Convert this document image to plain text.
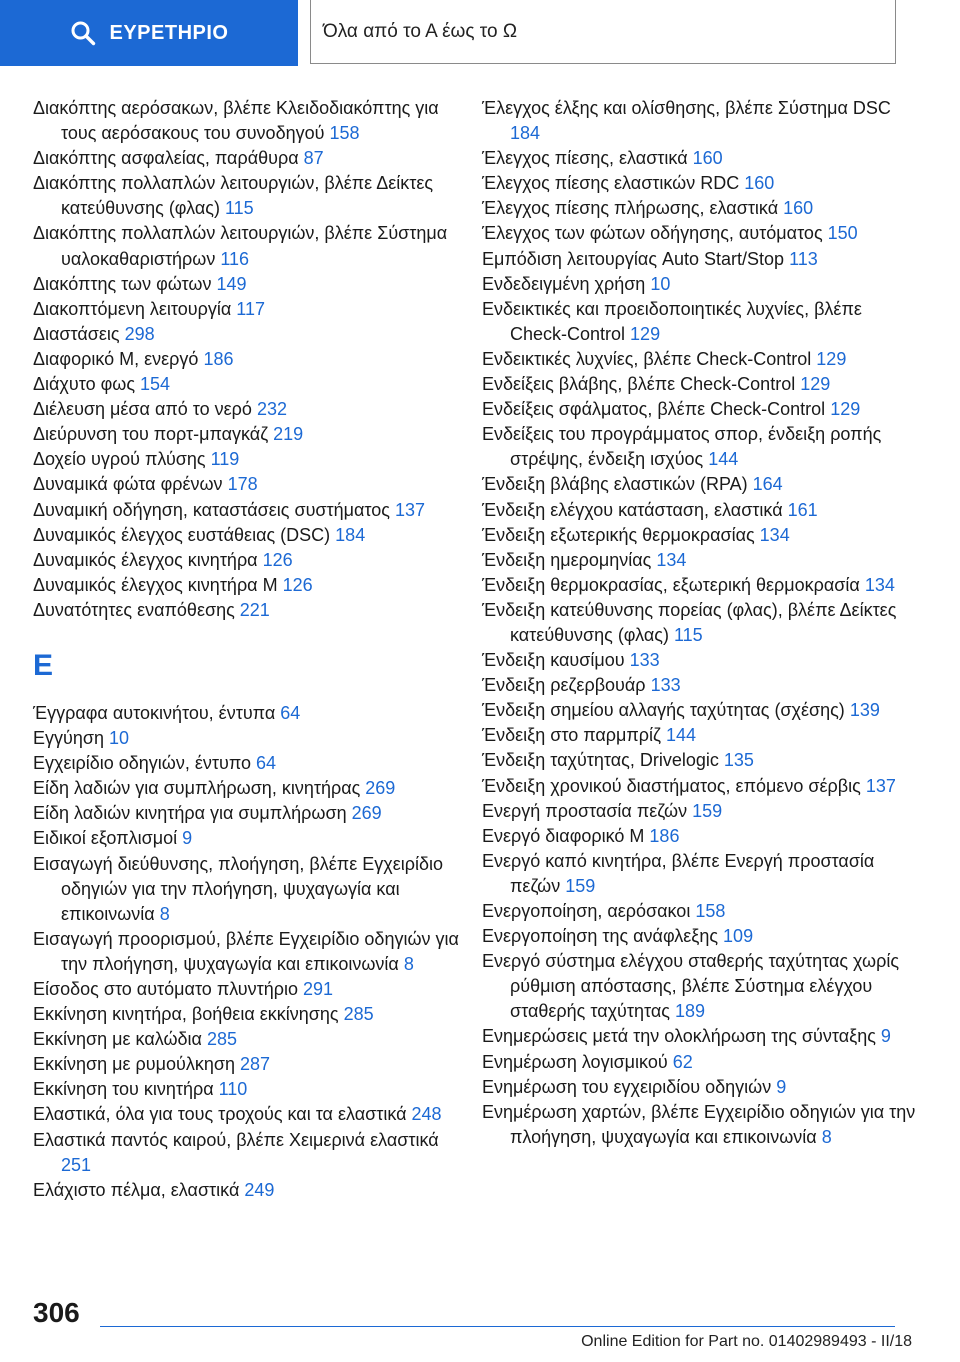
ΕΥΡΕΤΗΡΙΟ	Όλα από το Α έως το Ω

Διακόπτης αερόσακων, βλέπε Κλειδοδιακόπτης για τους αερόσακους του συνοδηγού 158

Διακόπτης ασφαλείας, παράθυρα 87

Διακόπτης πολλαπλών λειτουργιών, βλέπε Δείκτες κατεύθυνσης (φλας) 115

Διακόπτης πολλαπλών λειτουργιών, βλέπε Σύστημα υαλοκαθαριστήρων 116

Διακόπτης των φώτων 149

Διακοπτόμενη λειτουργία 117

Διαστάσεις 298

Διαφορικό M, ενεργό 186

Διάχυτο φως 154

Διέλευση μέσα από το νερό 232

Διεύρυνση του πορτ-μπαγκάζ 219

Δοχείο υγρού πλύσης 119

Δυναμικά φώτα φρένων 178

Δυναμική οδήγηση, καταστάσεις συστήματος 137

Δυναμικός έλεγχος ευστάθειας (DSC) 184

Δυναμικός έλεγχος κινητήρα 126

Δυναμικός έλεγχος κινητήρα M 126

Δυνατότητες εναπόθεσης 221

E

Έγγραφα αυτοκινήτου, έντυπα 64

Εγγύηση 10

Εγχειρίδιο οδηγιών, έντυπο 64

Είδη λαδιών για συμπλήρωση, κινητήρας 269

Είδη λαδιών κινητήρα για συμπλήρωση 269

Ειδικοί εξοπλισμοί 9

Εισαγωγή διεύθυνσης, πλοήγηση, βλέπε Εγχειρίδιο οδηγιών για την πλοήγηση, ψυχαγωγία και επικοινωνία 8

Εισαγωγή προορισμού, βλέπε Εγχειρίδιο οδηγιών για την πλοήγηση, ψυχαγωγία και επικοινωνία 8

Είσοδος στο αυτόματο πλυντήριο 291

Εκκίνηση κινητήρα, βοήθεια εκκίνησης 285

Εκκίνηση με καλώδια 285

Εκκίνηση με ρυμούλκηση 287

Εκκίνηση του κινητήρα 110

Ελαστικά, όλα για τους τροχούς και τα ελαστικά 248

Ελαστικά παντός καιρού, βλέπε Χειμερινά ελαστικά 251

Ελάχιστο πέλμα, ελαστικά 249

Έλεγχος έλξης και ολίσθησης, βλέπε Σύστημα DSC 184

Έλεγχος πίεσης, ελαστικά 160

Έλεγχος πίεσης ελαστικών RDC 160

Έλεγχος πίεσης πλήρωσης, ελαστικά 160

Έλεγχος των φώτων οδήγησης, αυτόματος 150

Εμπόδιση λειτουργίας Auto Start/Stop 113

Ενδεδειγμένη χρήση 10

Ενδεικτικές και προειδοποιητικές λυχνίες, βλέπε Check-Control 129

Ενδεικτικές λυχνίες, βλέπε Check-Control 129

Ενδείξεις βλάβης, βλέπε Check-Control 129

Ενδείξεις σφάλματος, βλέπε Check-Control 129

Ενδείξεις του προγράμματος σπορ, ένδειξη ροπής στρέψης, ένδειξη ισχύος 144

Ένδειξη βλάβης ελαστικών (RPA) 164

Ένδειξη ελέγχου κατάσταση, ελαστικά 161

Ένδειξη εξωτερικής θερμοκρασίας 134

Ένδειξη ημερομηνίας 134

Ένδειξη θερμοκρασίας, εξωτερική θερμοκρασία 134

Ένδειξη κατεύθυνσης πορείας (φλας), βλέπε Δείκτες κατεύθυνσης (φλας) 115

Ένδειξη καυσίμου 133

Ένδειξη ρεζερβουάρ 133

Ένδειξη σημείου αλλαγής ταχύτητας (σχέσης) 139

Ένδειξη στο παρμπρίζ 144

Ένδειξη ταχύτητας, Drivelogic 135

Ένδειξη χρονικού διαστήματος, επόμενο σέρβις 137

Ενεργή προστασία πεζών 159

Ενεργό διαφορικό M 186

Ενεργό καπό κινητήρα, βλέπε Ενεργή προστασία πεζών 159

Ενεργοποίηση, αερόσακοι 158

Ενεργοποίηση της ανάφλεξης 109

Ενεργό σύστημα ελέγχου σταθερής ταχύτητας χωρίς ρύθμιση απόστασης, βλέπε Σύστημα ελέγχου σταθερής ταχύτητας 189

Ενημερώσεις μετά την ολοκλήρωση της σύνταξης 9

Ενημέρωση λογισμικού 62

Ενημέρωση του εγχειριδίου οδηγιών 9

Ενημέρωση χαρτών, βλέπε Εγχειρίδιο οδηγιών για την πλοήγηση, ψυχαγωγία και επικοινωνία 8

306
Online Edition for Part no. 01402989493 - II/18
